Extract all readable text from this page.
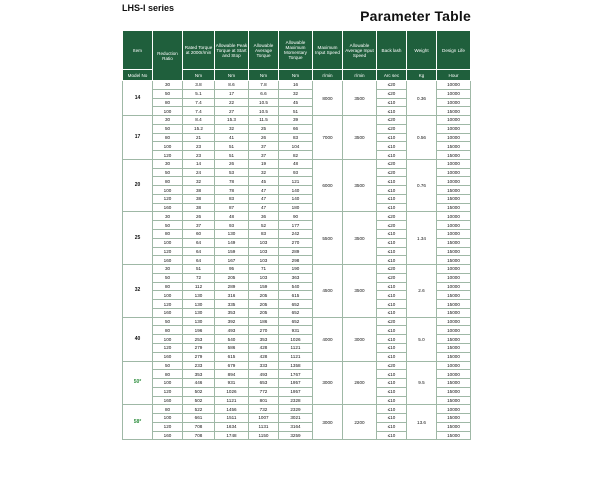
LHS-I series	Parameter Table
Item	Reduction Ratio	Rated Torque at 2000r/min	Allowable Peak Torque at Start and Stop	Allowable Average Torque	Allowable Maximum Momentary Torque	Maximum Input Speed	Allowable Average Input Speed	Back lash	Weight	Design Life

Model No		Nm	Nm	Nm	Nm	r/min	r/min	Arc sec	Kg	Hour
14	30	3.8	8.6	7.8	16	8000	3500	≤20	0.36	10000
	50	5.1	17	6.6	32			≤20		10000
	80	7.4	22	10.5	45			≤10		10000
	100	7.4	27	10.5	51			≤10		15000
17	30	8.4	15.3	11.5	39	7000	3500	≤20	0.56	10000
	50	15.2	32	25	66			≤20		10000
	80	21	41	26	83			≤10		10000
	100	23	51	37	104			≤10		15000
	120	23	51	37	82			≤10		15000
20	30	14	26	19	48	6000	3500	≤20	0.76	10000
	50	24	53	32	93			≤20		10000
	80	32	78	45	121			≤10		10000
	100	38	78	47	140			≤10		15000
	120	38	83	47	140			≤10		15000
	160	38	87	47	180			≤10		15000
25	30	26	48	36	90	5500	3500	≤20	1.34	10000
	50	37	93	52	177			≤20		10000
	80	60	130	83	242			≤10		10000
	100	64	149	103	270			≤10		15000
	120	64	159	103	289			≤10		15000
	160	64	167	103	298			≤10		15000
32	30	51	95	71	190	4500	3500	≤20	2.6	10000
	50	72	205	103	363			≤20		10000
	80	112	289	159	540			≤10		10000
	100	130	316	205	615			≤10		15000
	120	130	335	205	652			≤10		15000
	160	130	353	205	652			≤10		15000
40	50	130	392	186	652	4000	3000	≤20	5.0	10000
	80	196	493	270	931			≤10		10000
	100	253	540	353	1026			≤10		15000
	120	279	586	428	1121			≤10		15000
	160	279	615	428	1121			≤10		15000
50*	50	233	679	333	1358	3000	2600	≤20	9.5	10000
	80	353	894	493	1767			≤10		10000
	100	446	931	653	1957			≤10		15000
	120	502	1026	772	1957			≤10		15000
	160	502	1121	801	2328			≤10		15000
58*	80	522	1456	732	2329	3000	2200	≤10	13.6	10000
	100	661	1511	1007	3021			≤10		15000
	120	708	1634	1131	3164			≤10		15000
	160	708	1748	1150	3259			≤10		15000
